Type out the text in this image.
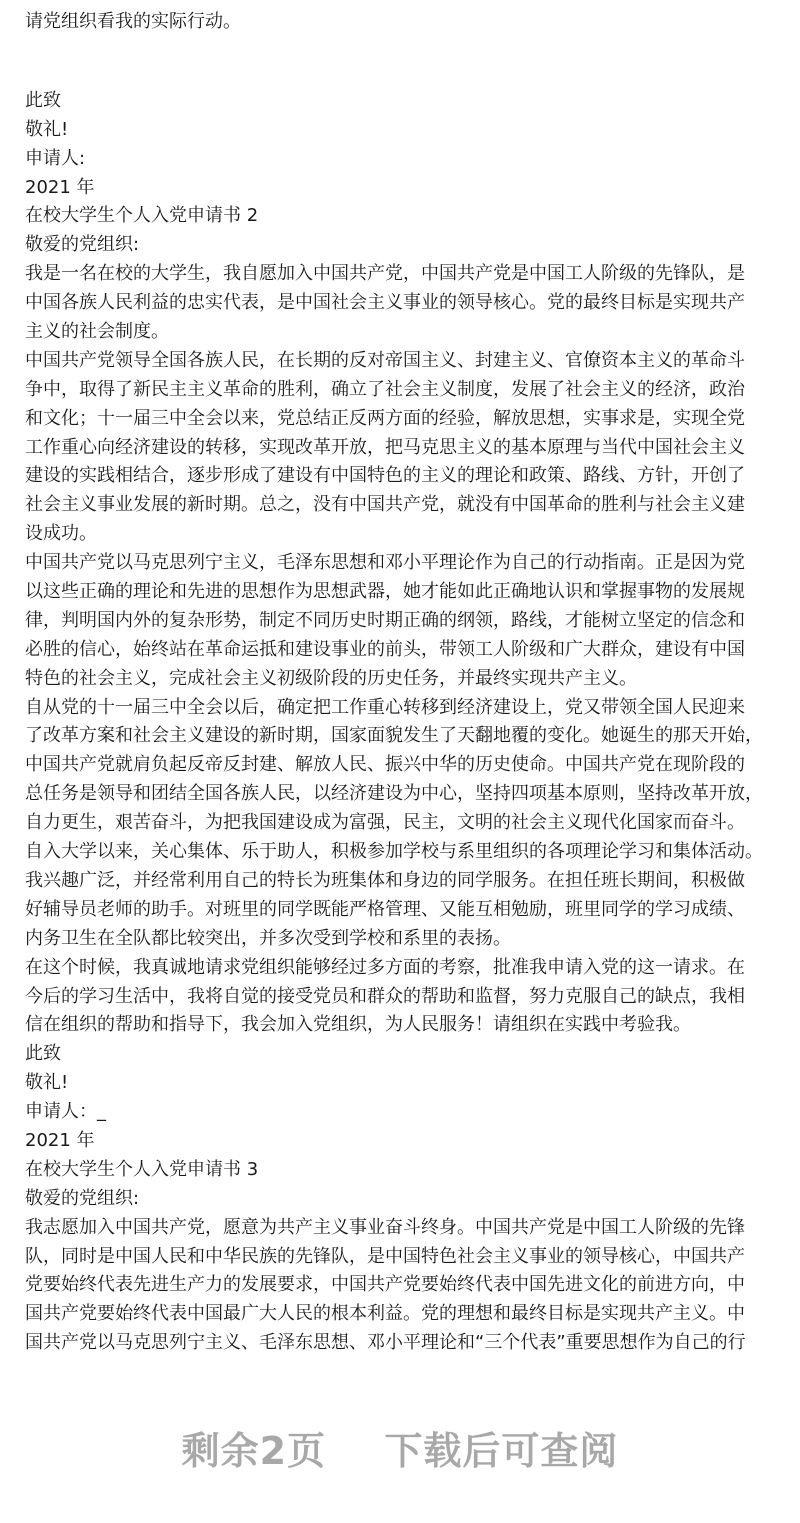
请党组织看我的实际行动。
此致
敬礼!
申请人:
2021 年
在校大学生个人入党申请书 2
敬爱的党组织:
我是一名在校的大学生，我自愿加入中国共产党，中国共产党是中国工人阶级的先锋队，是
中国各族人民利益的忠实代表，是中国社会主义事业的领导核心。党的最终目标是实现共产
主义的社会制度。
中国共产党领导全国各族人民，在长期的反对帝国主义、封建主义、官僚资本主义的革命斗
争中，取得了新民主主义革命的胜利，确立了社会主义制度，发展了社会主义的经济，政治
和文化；十一届三中全会以来，党总结正反两方面的经验，解放思想，实事求是，实现全党
工作重心向经济建设的转移，实现改革开放，把马克思主义的基本原理与当代中国社会主义
建设的实践相结合，逐步形成了建设有中国特色的主义的理论和政策、路线、方针，开创了
社会主义事业发展的新时期。总之，没有中国共产党，就没有中国革命的胜利与社会主义建
设成功。
中国共产党以马克思列宁主义，毛泽东思想和邓小平理论作为自己的行动指南。正是因为党
以这些正确的理论和先进的思想作为思想武器，她才能如此正确地认识和掌握事物的发展规
律，判明国内外的复杂形势，制定不同历史时期正确的纲领，路线，才能树立坚定的信念和
必胜的信心，始终站在革命运抵和建设事业的前头，带领工人阶级和广大群众，建设有中国
特色的社会主义，完成社会主义初级阶段的历史任务，并最终实现共产主义。
自从党的十一届三中全会以后，确定把工作重心转移到经济建设上，党又带领全国人民迎来
了改革方案和社会主义建设的新时期，国家面貌发生了天翻地覆的变化。她诞生的那天开始，
中国共产党就肩负起反帝反封建、解放人民、振兴中华的历史使命。中国共产党在现阶段的
总任务是领导和团结全国各族人民，以经济建设为中心，坚持四项基本原则，坚持改革开放，
自力更生，艰苦奋斗，为把我国建设成为富强，民主，文明的社会主义现代化国家而奋斗。
自入大学以来，关心集体、乐于助人，积极参加学校与系里组织的各项理论学习和集体活动。
我兴趣广泛，并经常利用自己的特长为班集体和身边的同学服务。在担任班长期间，积极做
好辅导员老师的助手。对班里的同学既能严格管理、又能互相勉励，班里同学的学习成绩、
内务卫生在全队都比较突出，并多次受到学校和系里的表扬。
在这个时候，我真诚地请求党组织能够经过多方面的考察，批准我申请入党的这一请求。在
今后的学习生活中，我将自觉的接受党员和群众的帮助和监督，努力克服自己的缺点，我相
信在组织的帮助和指导下，我会加入党组织，为人民服务！请组织在实践中考验我。
此致
敬礼!
申请人：_
2021 年
在校大学生个人入党申请书 3
敬爱的党组织:
我志愿加入中国共产党，愿意为共产主义事业奋斗终身。中国共产党是中国工人阶级的先锋
队，同时是中国人民和中华民族的先锋队，是中国特色社会主义事业的领导核心，中国共产
党要始终代表先进生产力的发展要求，中国共产党要始终代表中国先进文化的前进方向，中
国共产党要始终代表中国最广大人民的根本利益。党的理想和最终目标是实现共产主义。中
国共产党以马克思列宁主义、毛泽东思想、邓小平理论和“三个代表”重要思想作为自己的行
剩余2页 下载后可查阅
